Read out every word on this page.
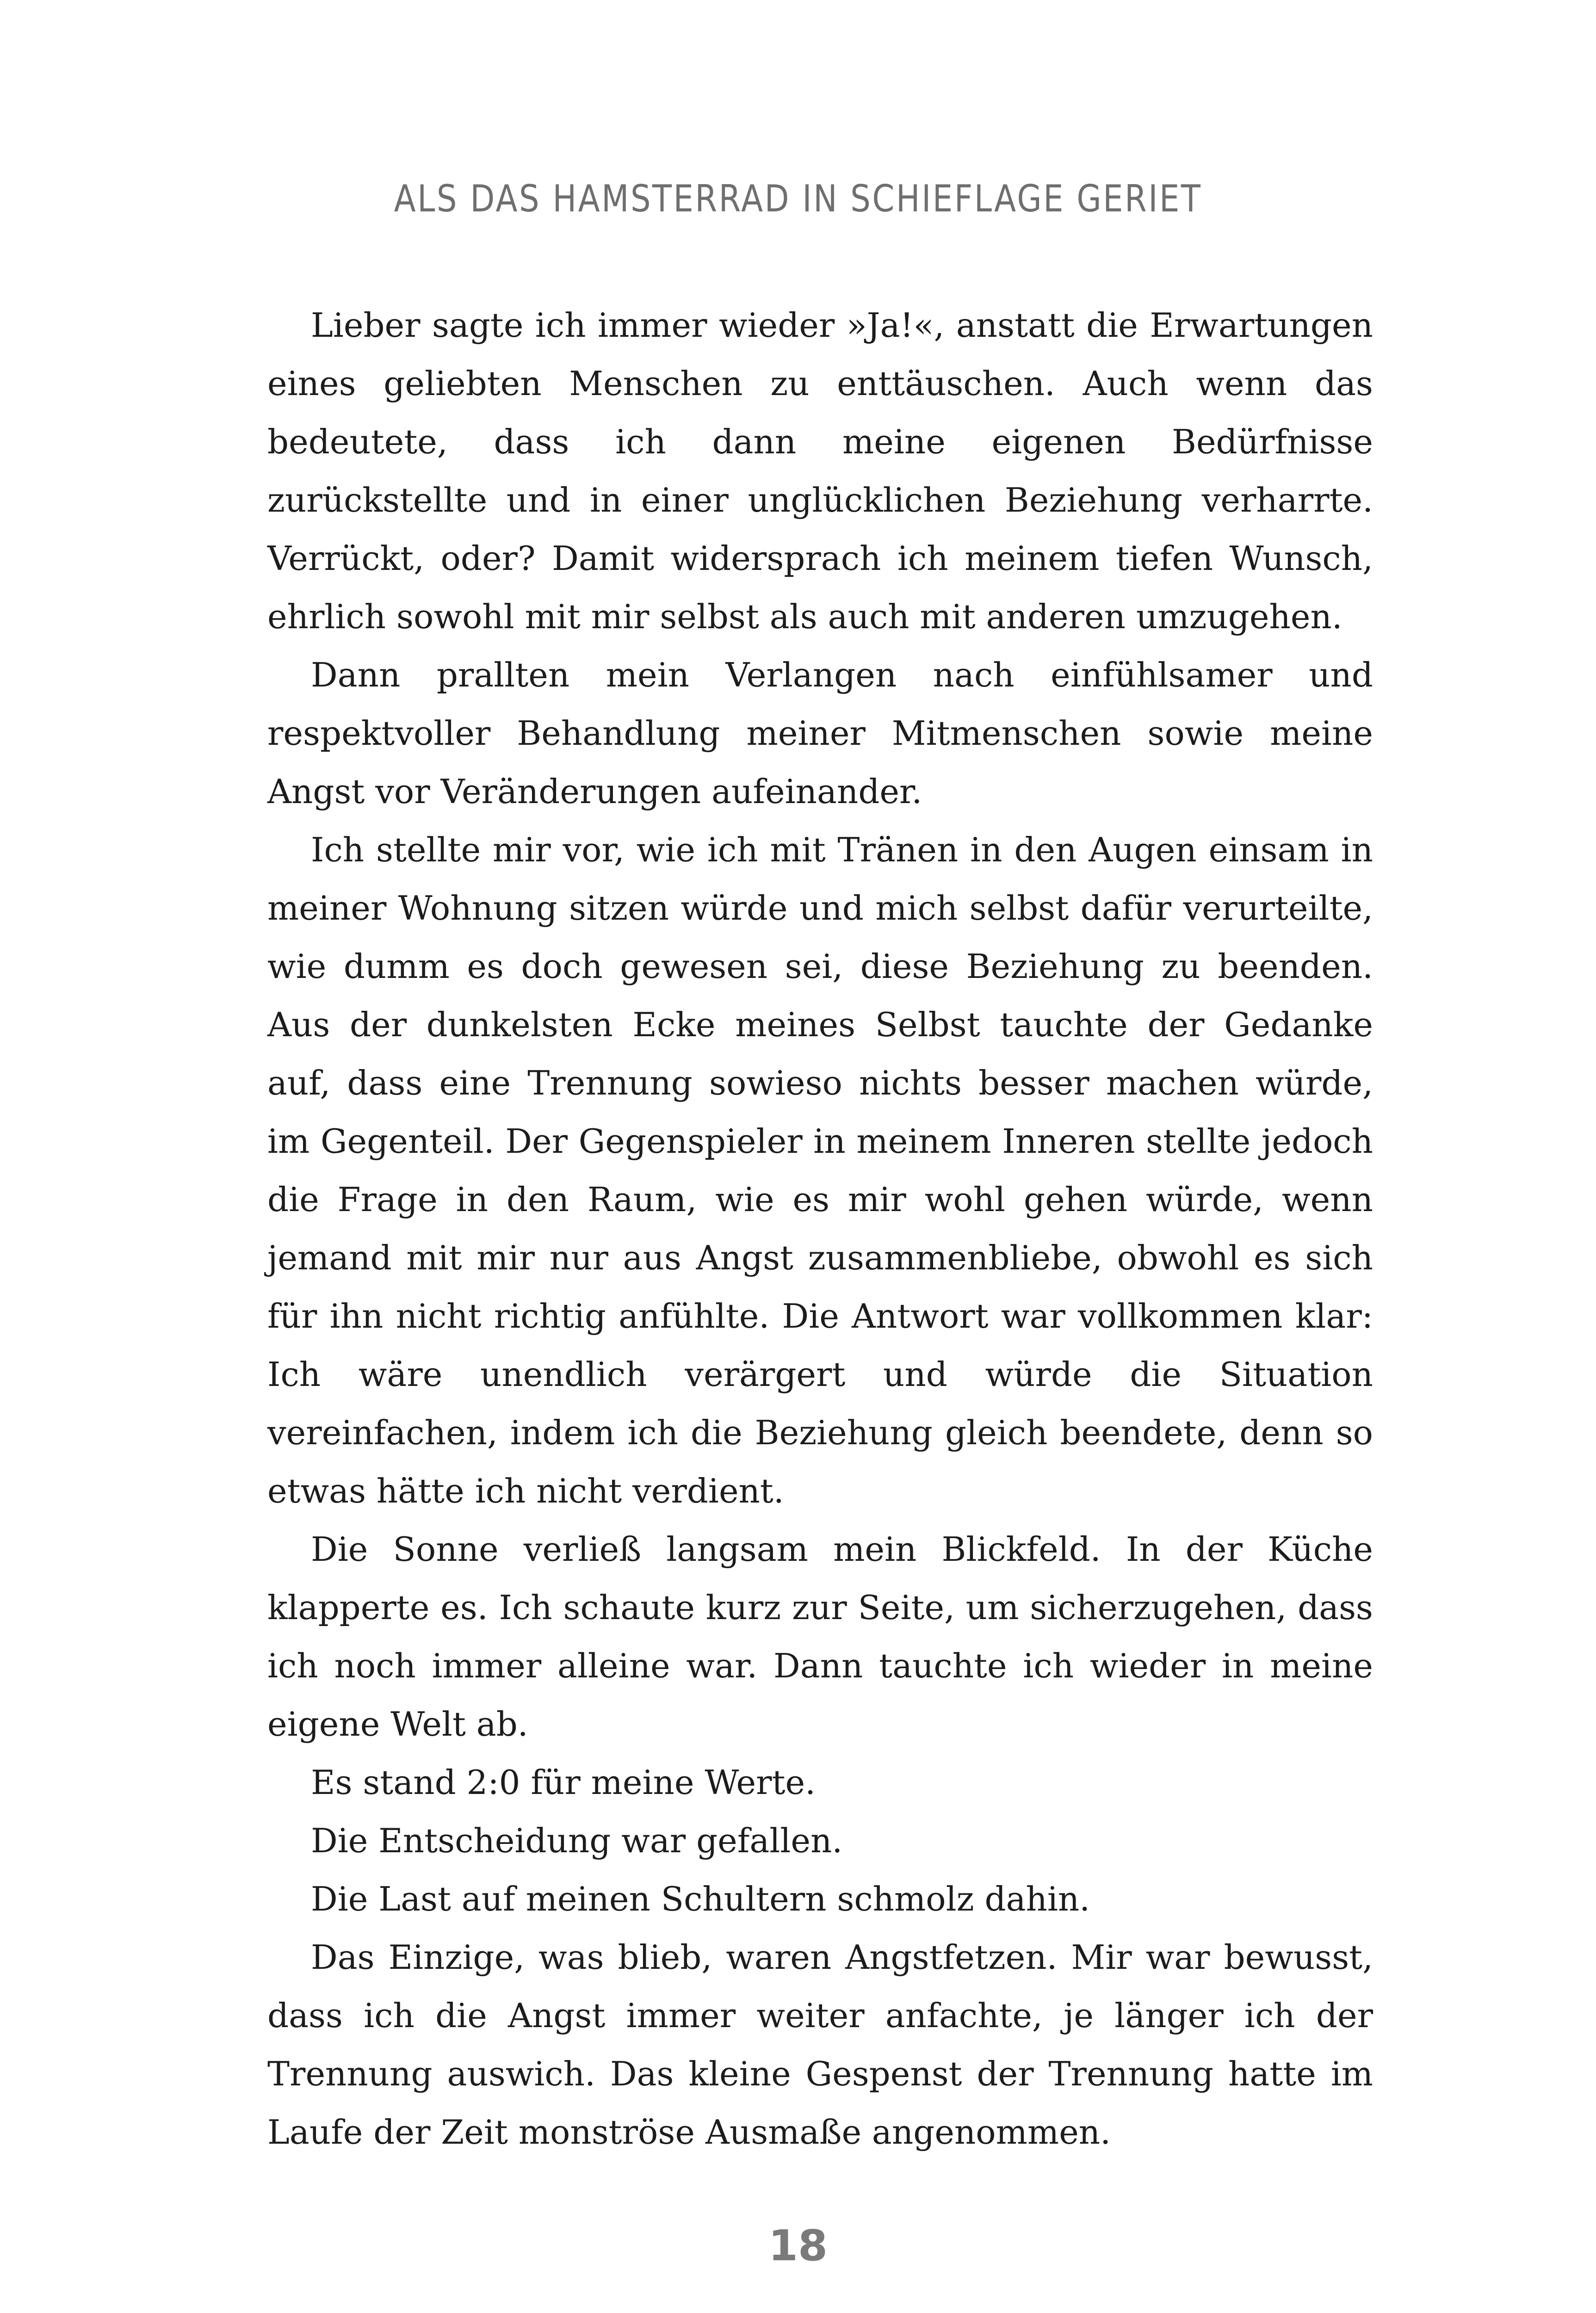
ALS DAS HAMSTERRAD IN SCHIEFLAGE GERIET

Lieber sagte ich immer wieder »Ja!«, anstatt die Erwartungen eines geliebten Menschen zu enttäuschen. Auch wenn das bedeutete, dass ich dann meine eigenen Bedürfnisse zurückstellte und in einer unglücklichen Beziehung verharrte. Verrückt, oder? Damit widersprach ich meinem tiefen Wunsch, ehrlich sowohl mit mir selbst als auch mit anderen umzugehen.

Dann prallten mein Verlangen nach einfühlsamer und respektvoller Behandlung meiner Mitmenschen sowie meine Angst vor Veränderungen aufeinander.

Ich stellte mir vor, wie ich mit Tränen in den Augen einsam in meiner Wohnung sitzen würde und mich selbst dafür verurteilte, wie dumm es doch gewesen sei, diese Beziehung zu beenden. Aus der dunkelsten Ecke meines Selbst tauchte der Gedanke auf, dass eine Trennung sowieso nichts besser machen würde, im Gegenteil. Der Gegenspieler in meinem Inneren stellte jedoch die Frage in den Raum, wie es mir wohl gehen würde, wenn jemand mit mir nur aus Angst zusammenbliebe, obwohl es sich für ihn nicht richtig anfühlte. Die Antwort war vollkommen klar: Ich wäre unendlich verärgert und würde die Situation vereinfachen, indem ich die Beziehung gleich beendete, denn so etwas hätte ich nicht verdient.

Die Sonne verließ langsam mein Blickfeld. In der Küche klapperte es. Ich schaute kurz zur Seite, um sicherzugehen, dass ich noch immer alleine war. Dann tauchte ich wieder in meine eigene Welt ab.

Es stand 2:0 für meine Werte.

Die Entscheidung war gefallen.

Die Last auf meinen Schultern schmolz dahin.

Das Einzige, was blieb, waren Angstfetzen. Mir war bewusst, dass ich die Angst immer weiter anfachte, je länger ich der Trennung auswich. Das kleine Gespenst der Trennung hatte im Laufe der Zeit monströse Ausmaße angenommen.

18
